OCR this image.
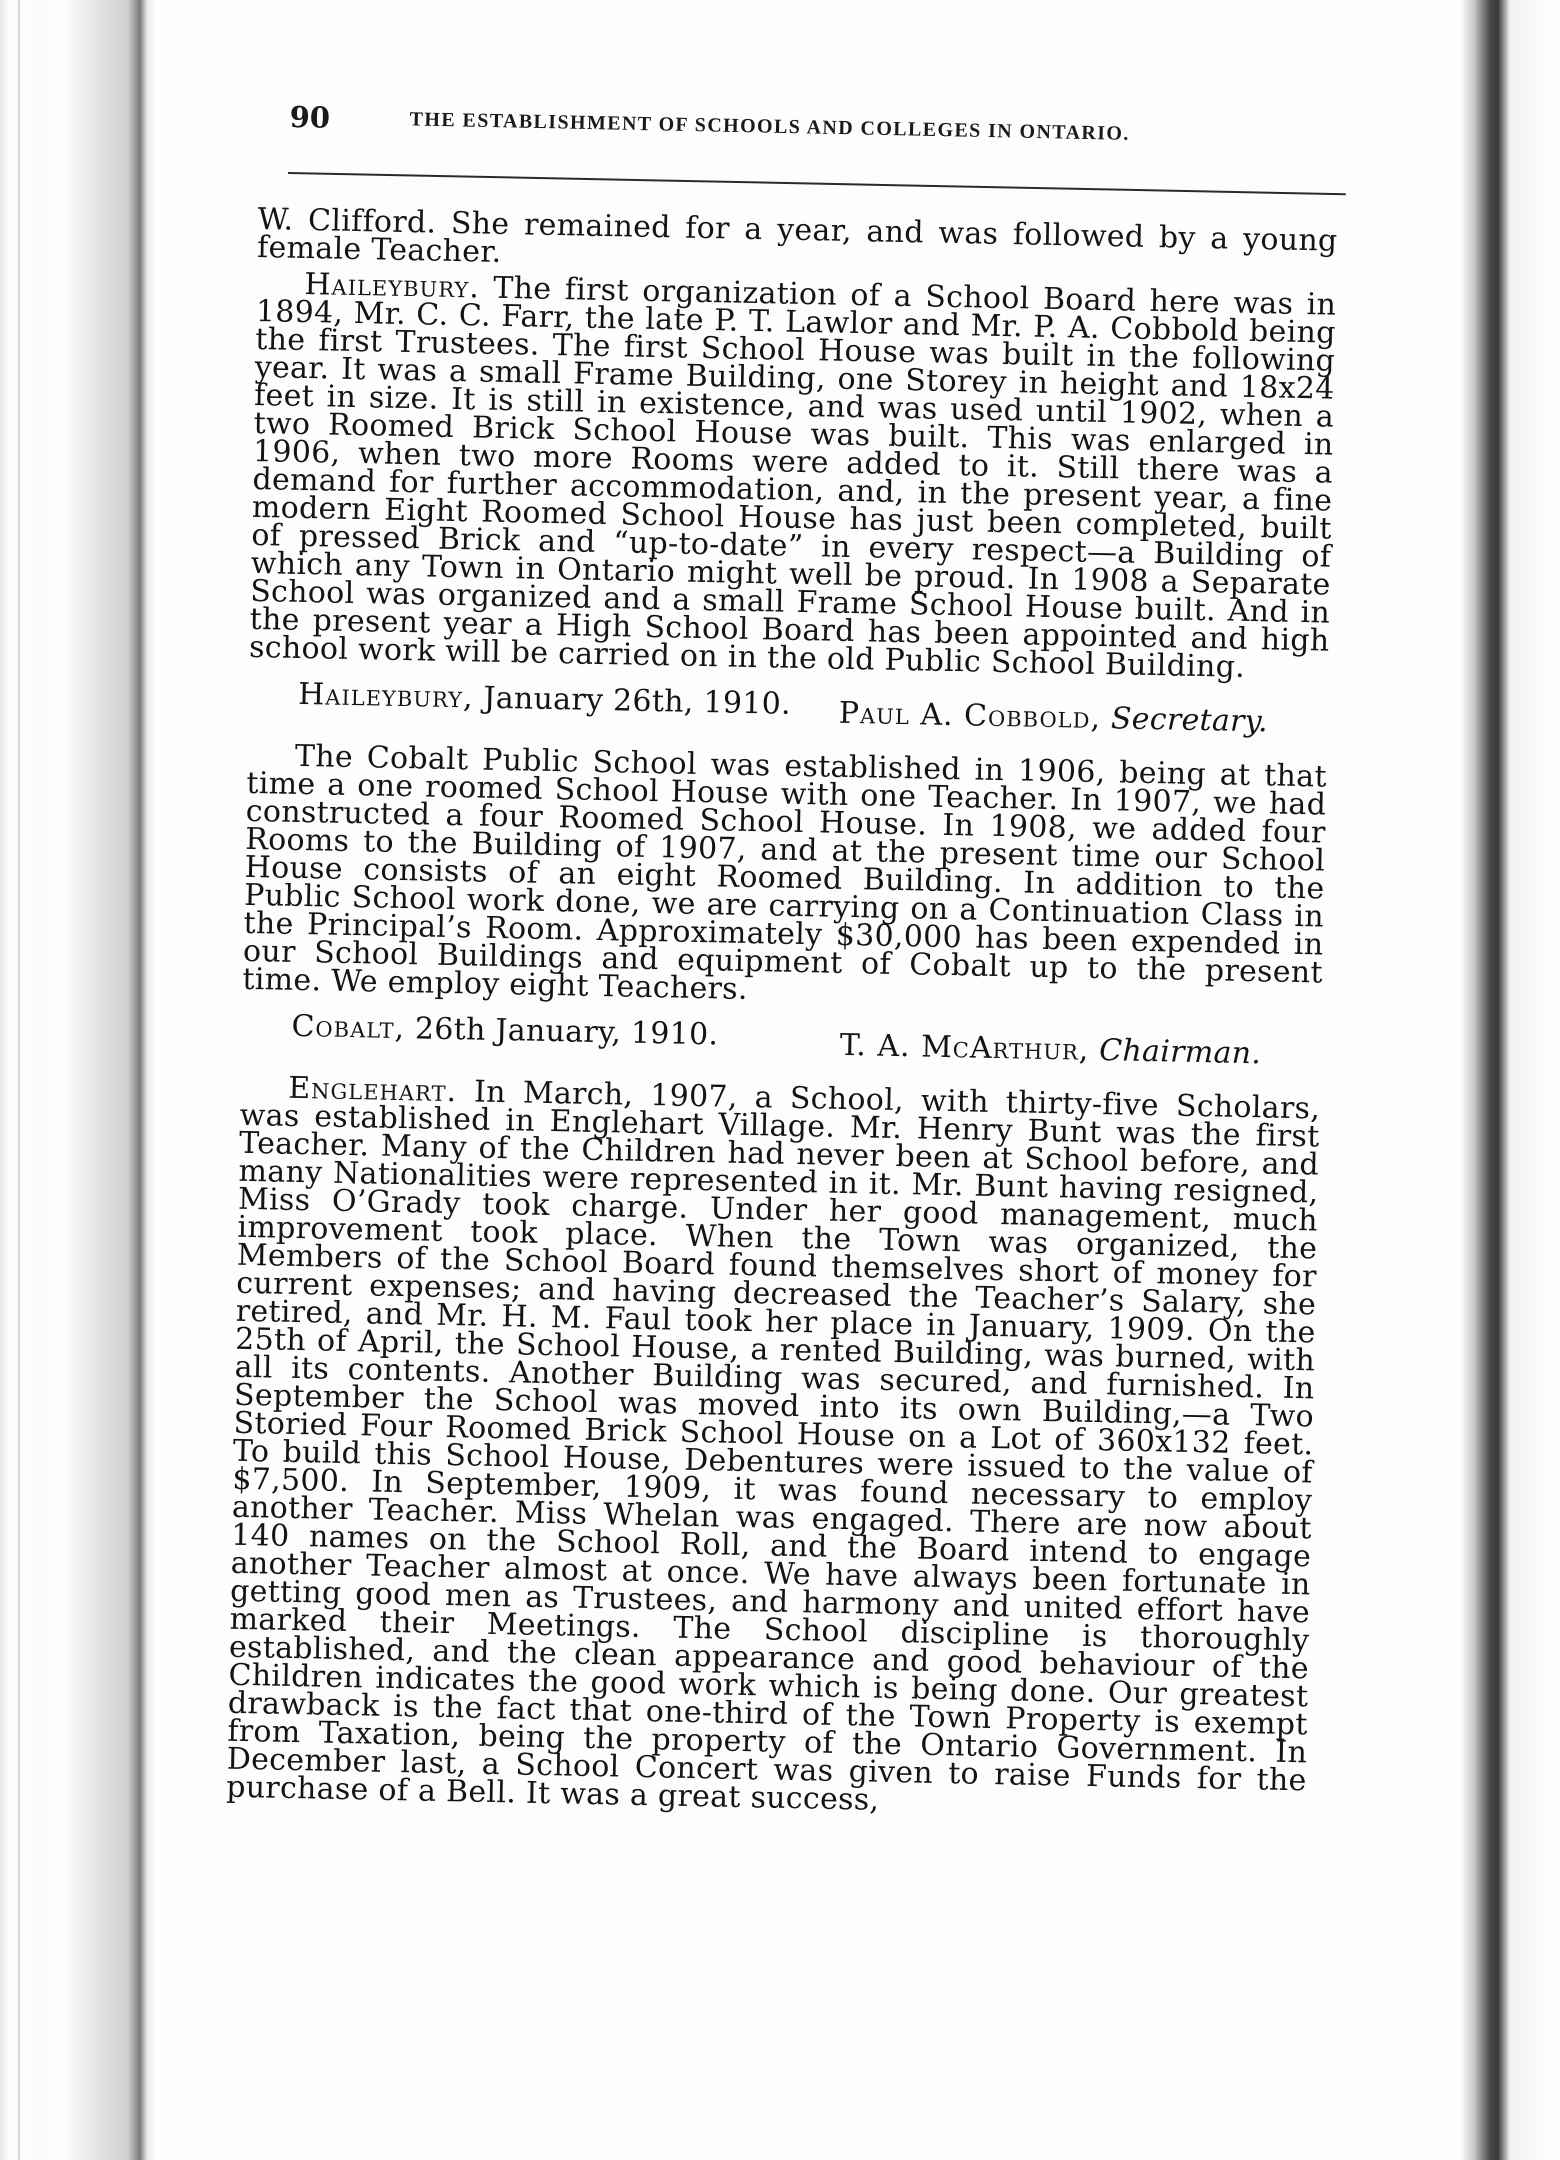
90	THE ESTABLISHMENT OF SCHOOLS AND COLLEGES IN ONTARIO.

W. Clifford. She remained for a year, and was followed by a young female Teacher.

Haileybury. The first organization of a School Board here was in 1894, Mr. C. C. Farr, the late P. T. Lawlor and Mr. P. A. Cobbold being the first Trustees. The first School House was built in the following year. It was a small Frame Building, one Storey in height and 18x24 feet in size. It is still in existence, and was used until 1902, when a two Roomed Brick School House was built. This was enlarged in 1906, when two more Rooms were added to it. Still there was a demand for further accommodation, and, in the present year, a fine modern Eight Roomed School House has just been completed, built of pressed Brick and “up-to-date” in every respect—a Building of which any Town in Ontario might well be proud. In 1908 a Separate School was organized and a small Frame School House built. And in the present year a High School Board has been appointed and high school work will be carried on in the old Public School Building.

Haileybury, January 26th, 1910. Paul A. Cobbold, Secretary.

The Cobalt Public School was established in 1906, being at that time a one roomed School House with one Teacher. In 1907, we had constructed a four Roomed School House. In 1908, we added four Rooms to the Building of 1907, and at the present time our School House consists of an eight Roomed Building. In addition to the Public School work done, we are carrying on a Continuation Class in the Principal’s Room. Approximately $30,000 has been expended in our School Buildings and equipment of Cobalt up to the present time. We employ eight Teachers.

Cobalt, 26th January, 1910.	T. A. McArthur, Chairman.

Englehart. In March, 1907, a School, with thirty-five Scholars, was established in Englehart Village. Mr. Henry Bunt was the first Teacher. Many of the Children had never been at School before, and many Nationalities were represented in it. Mr. Bunt having resigned, Miss O’Grady took charge. Under her good management, much improvement took place. When the Town was organized, the Members of the School Board found themselves short of money for current expenses; and having decreased the Teacher’s Salary, she retired, and Mr. H. M. Faul took her place in January, 1909. On the 25th of April, the School House, a rented Building, was burned, with all its contents. Another Building was secured, and furnished. In September the School was moved into its own Building,—a Two Storied Four Roomed Brick School House on a Lot of 360x132 feet. To build this School House, Debentures were issued to the value of $7,500. In September, 1909, it was found necessary to employ another Teacher. Miss Whelan was engaged. There are now about 140 names on the School Roll, and the Board intend to engage another Teacher almost at once. We have always been fortunate in getting good men as Trustees, and harmony and united effort have marked their Meetings. The School discipline is thoroughly established, and the clean appearance and good behaviour of the Children indicates the good work which is being done. Our greatest drawback is the fact that one-third of the Town Property is exempt from Taxation, being the property of the Ontario Government. In December last, a School Concert was given to raise Funds for the purchase of a Bell. It was a great success,
